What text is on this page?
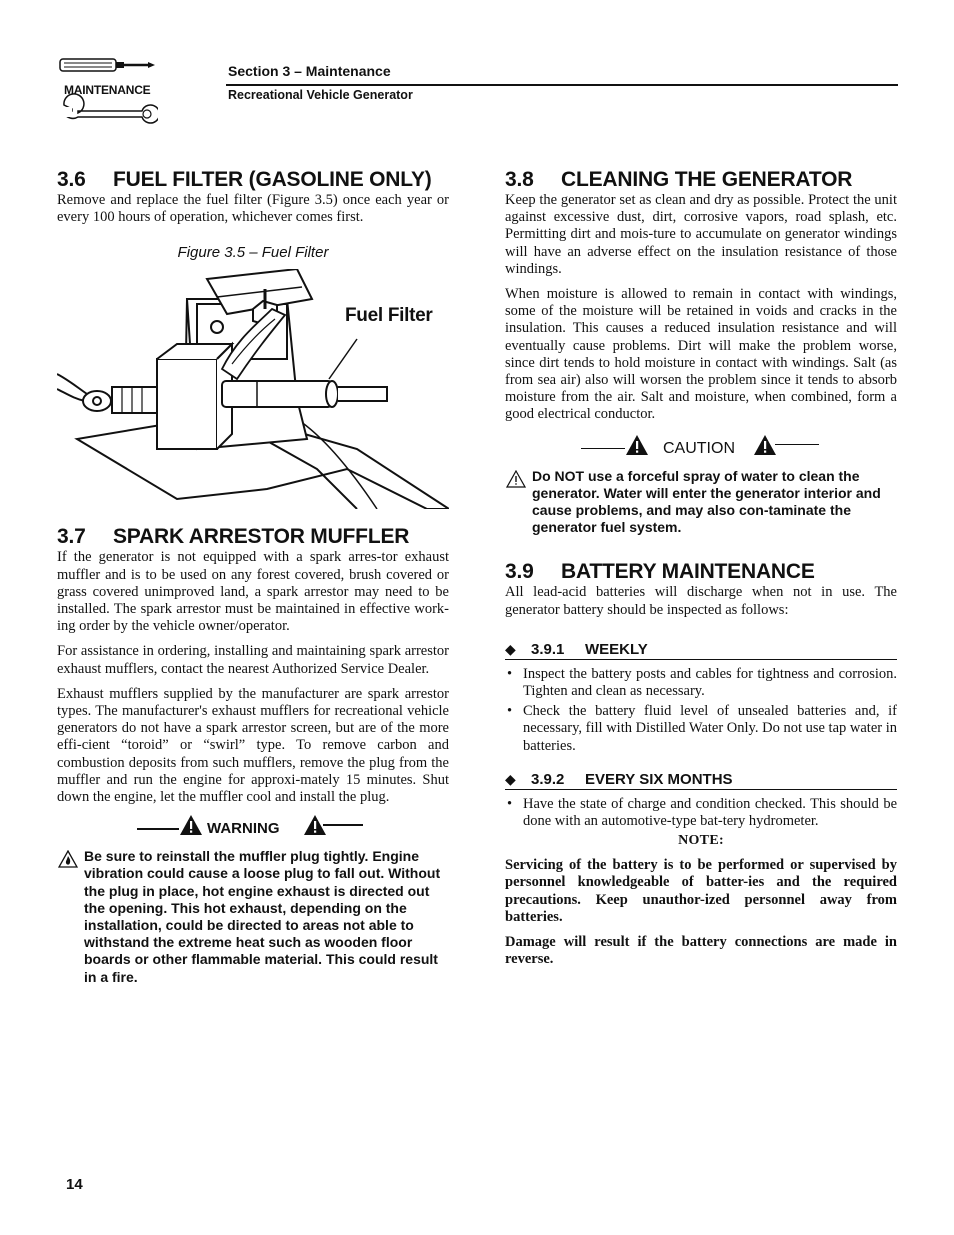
MAINTENANCE
Section 3 – Maintenance
Recreational Vehicle Generator
3.6 FUEL FILTER (GASOLINE ONLY)

Remove and replace the fuel filter (Figure 3.5) once each year or every 100 hours of operation, whichever comes first.

Figure 3.5 – Fuel Filter
Fuel Filter
3.7 SPARK ARRESTOR MUFFLER

If the generator is not equipped with a spark arres-tor exhaust muffler and is to be used on any forest covered, brush covered or grass covered unimproved land, a spark arrestor may need to be installed. The spark arrestor must be maintained in effective work-ing order by the vehicle owner/operator.

For assistance in ordering, installing and maintaining spark arrestor exhaust mufflers, contact the nearest Authorized Service Dealer.

Exhaust mufflers supplied by the manufacturer are spark arrestor types. The manufacturer's exhaust mufflers for recreational vehicle generators do not have a spark arrestor screen, but are of the more effi-cient “toroid” or “swirl” type. To remove carbon and combustion deposits from such mufflers, remove the plug from the muffler and run the engine for approxi-mately 15 minutes. Shut down the engine, let the muffler cool and install the plug.

WARNING
Be sure to reinstall the muffler plug tightly. Engine vibration could cause a loose plug to fall out. Without the plug in place, hot engine exhaust is directed out the opening. This hot exhaust, depending on the installation, could be directed to areas not able to withstand the extreme heat such as wooden floor boards or other flammable material. This could result in a fire.
3.8 CLEANING THE GENERATOR

Keep the generator set as clean and dry as possible. Protect the unit against excessive dust, dirt, corrosive vapors, road splash, etc. Permitting dirt and mois-ture to accumulate on generator windings will have an adverse effect on the insulation resistance of those windings.

When moisture is allowed to remain in contact with windings, some of the moisture will be retained in voids and cracks in the insulation. This causes a reduced insulation resistance and will eventually cause problems. Dirt will make the problem worse, since dirt tends to hold moisture in contact with windings. Salt (as from sea air) also will worsen the problem since it tends to absorb moisture from the air. Salt and moisture, when combined, form a good electrical conductor.

CAUTION
Do NOT use a forceful spray of water to clean the generator. Water will enter the generator interior and cause problems, and may also con-taminate the generator fuel system.
3.9 BATTERY MAINTENANCE

All lead-acid batteries will discharge when not in use. The generator battery should be inspected as follows:

◆ 3.9.1 WEEKLY
• Inspect the battery posts and cables for tightness and corrosion. Tighten and clean as necessary.
• Check the battery fluid level of unsealed batteries and, if necessary, fill with Distilled Water Only. Do not use tap water in batteries.
◆ 3.9.2 EVERY SIX MONTHS
• Have the state of charge and condition checked. This should be done with an automotive-type bat-tery hydrometer.
NOTE:

Servicing of the battery is to be performed or supervised by personnel knowledgeable of batter-ies and the required precautions. Keep unauthor-ized personnel away from batteries.

Damage will result if the battery connections are made in reverse.

14
